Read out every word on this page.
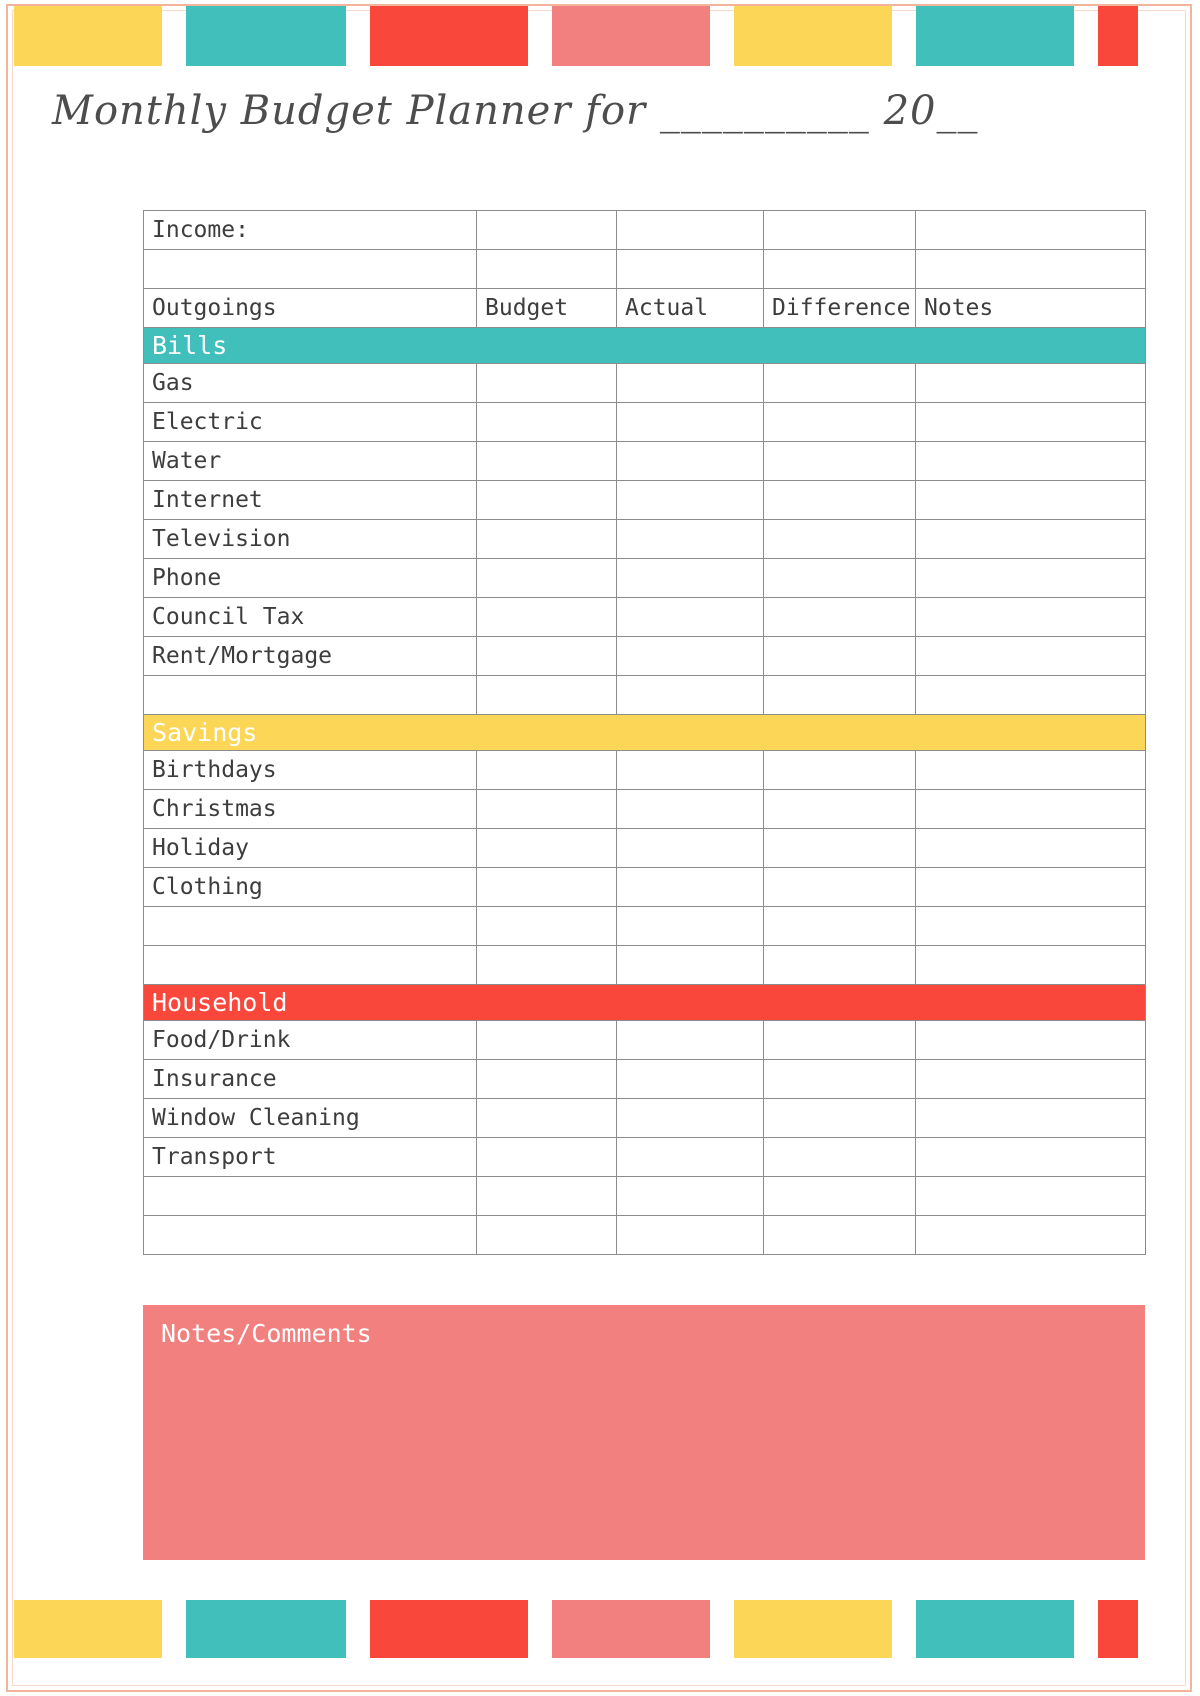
Monthly Budget Planner for __________ 20__
Income:				

Outgoings	Budget	Actual	Difference	Notes
Bills				
Gas				
Electric				
Water				
Internet				
Television				
Phone				
Council Tax				
Rent/Mortgage				

Savings				
Birthdays				
Christmas				
Holiday				
Clothing				

Household				
Food/Drink				
Insurance				
Window Cleaning				
Transport				

Notes/Comments
